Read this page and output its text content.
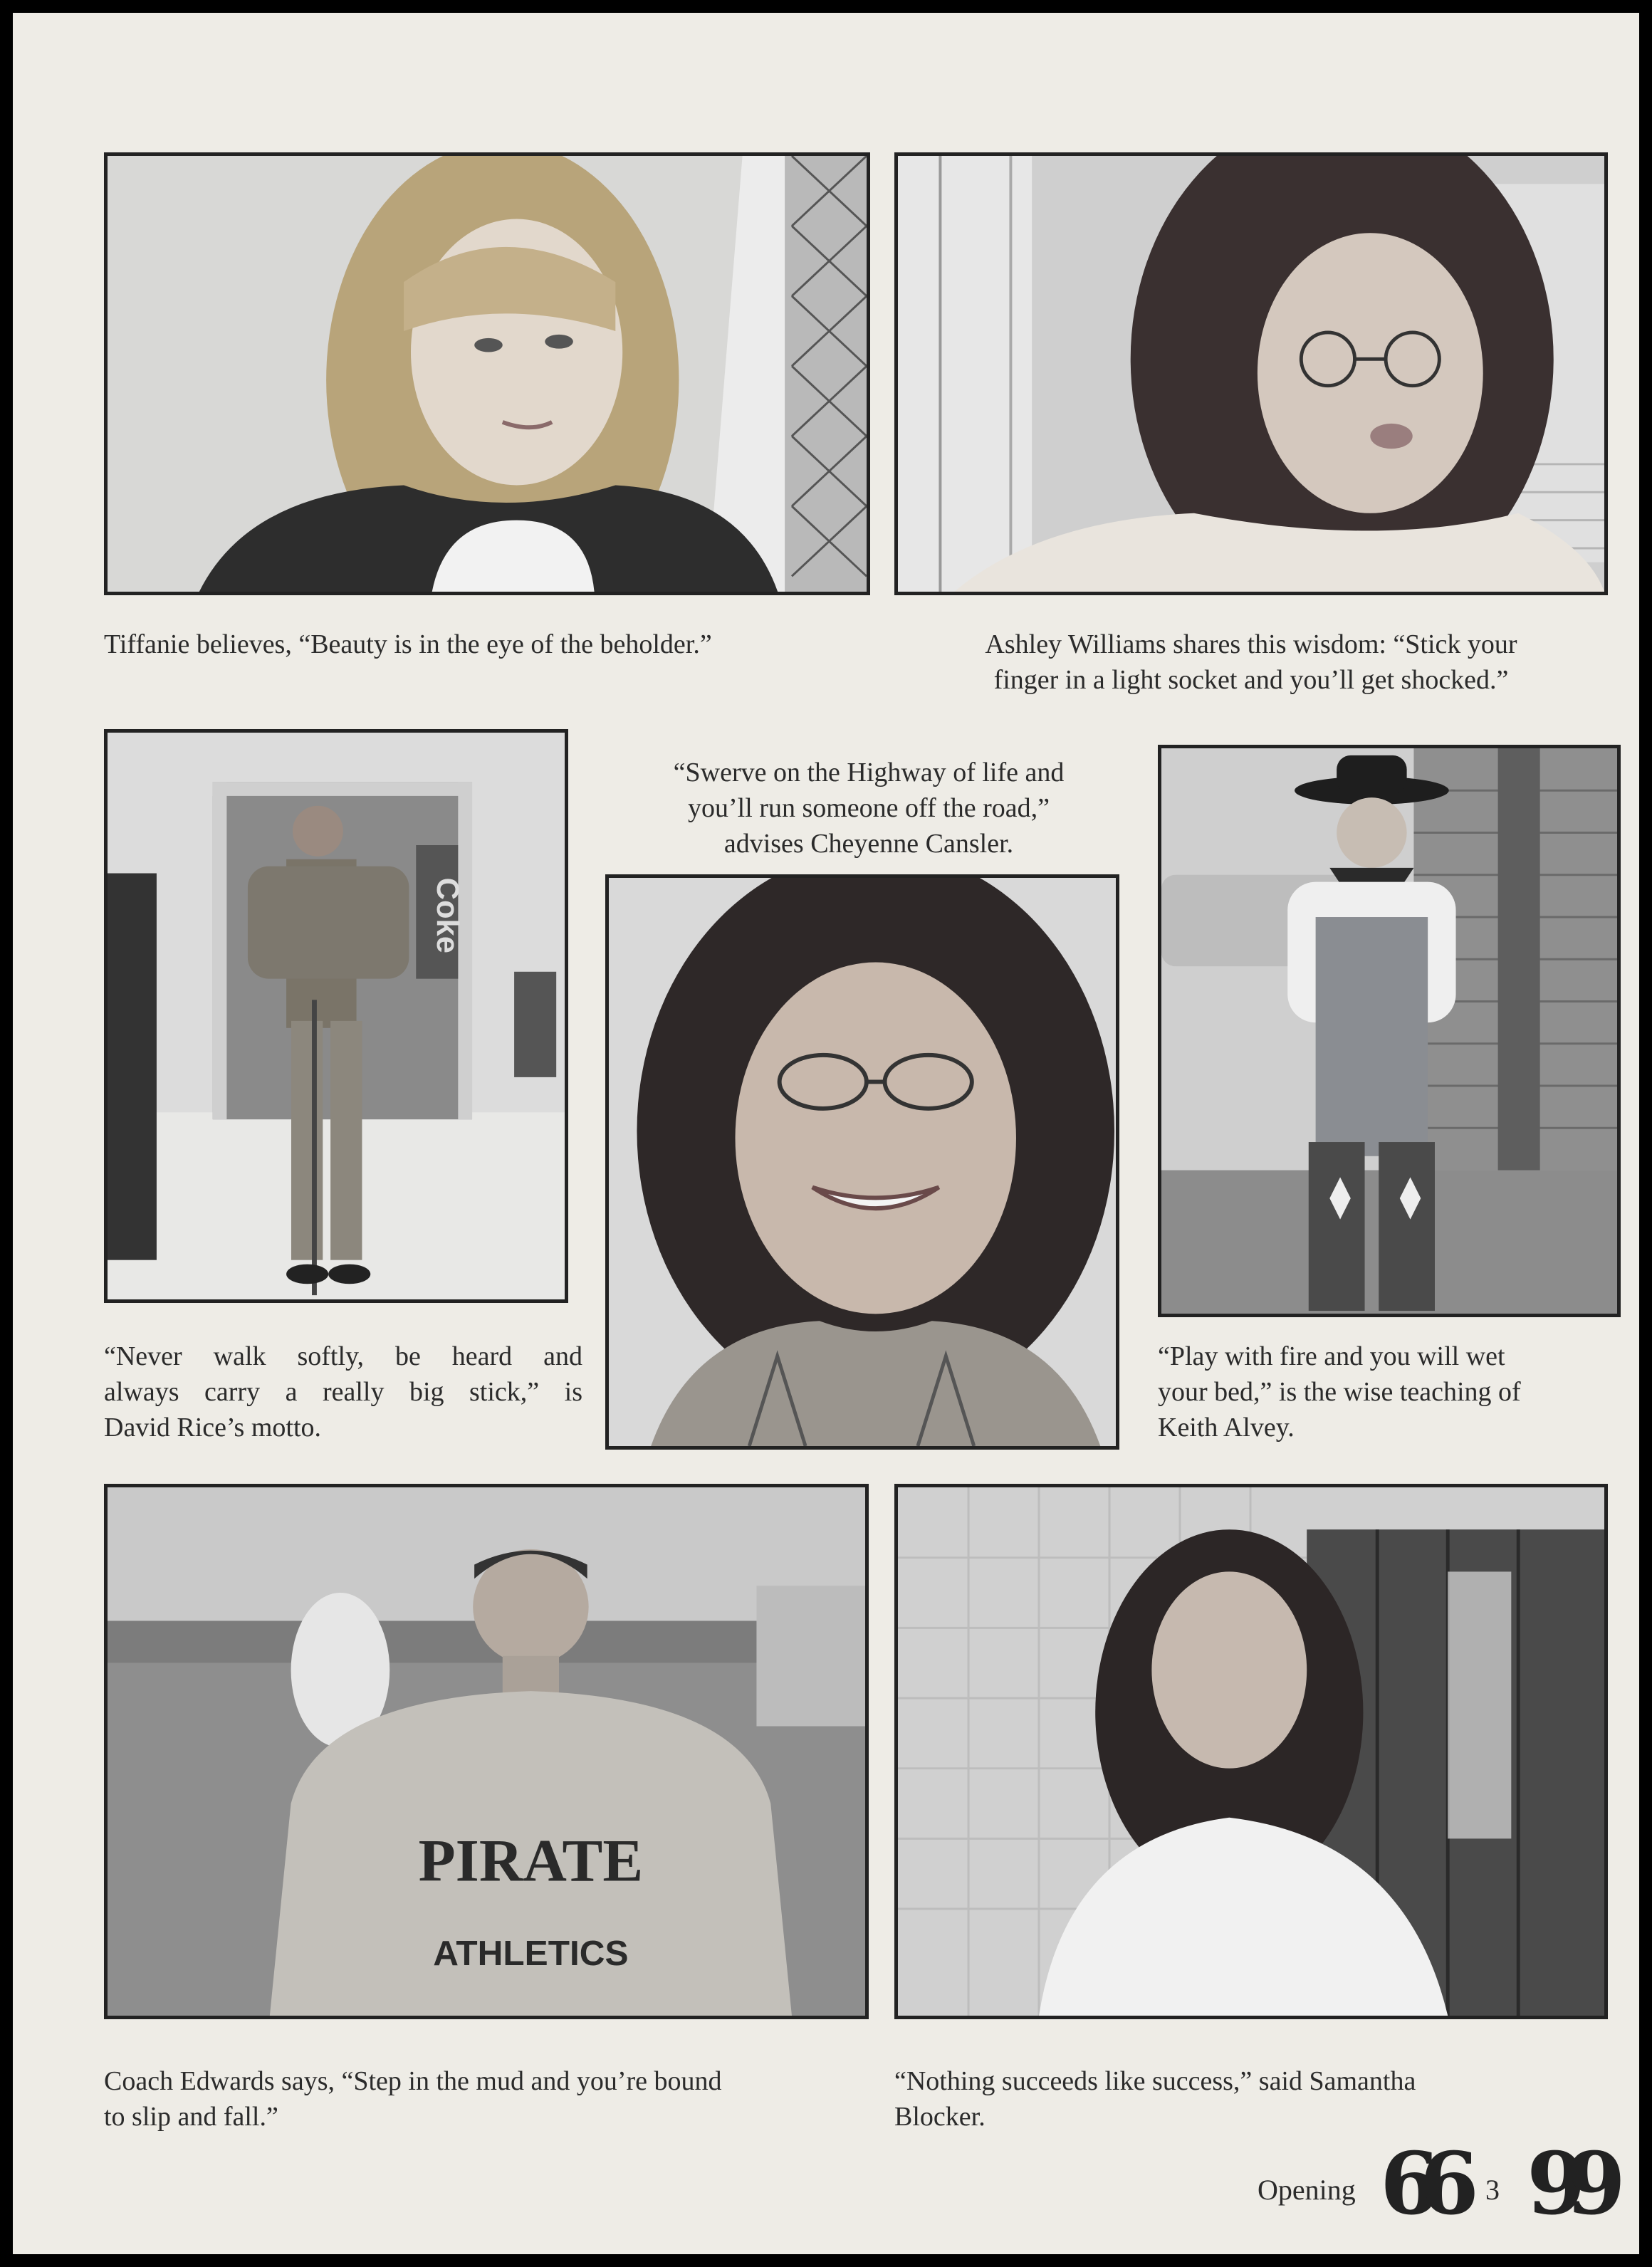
Tiffanie believes, “Beauty is in the eye of the beholder.”	Ashley Williams shares this wisdom: “Stick your
finger in a light socket and you’ll get shocked.”
Coke
“Never walk softly, be heard and
always carry a really big stick,” is
David Rice’s motto.
“Swerve on the Highway of life and
you’ll run someone off the road,”
advises Cheyenne Cansler.
“Play with fire and you will wet
your bed,” is the wise teaching of
Keith Alvey.
PIRATE
ATHLETICS
Coach Edwards says, “Step in the mud and you’re bound
to slip and fall.”
“Nothing succeeds like success,” said Samantha
Blocker.
Opening 66 3 99
